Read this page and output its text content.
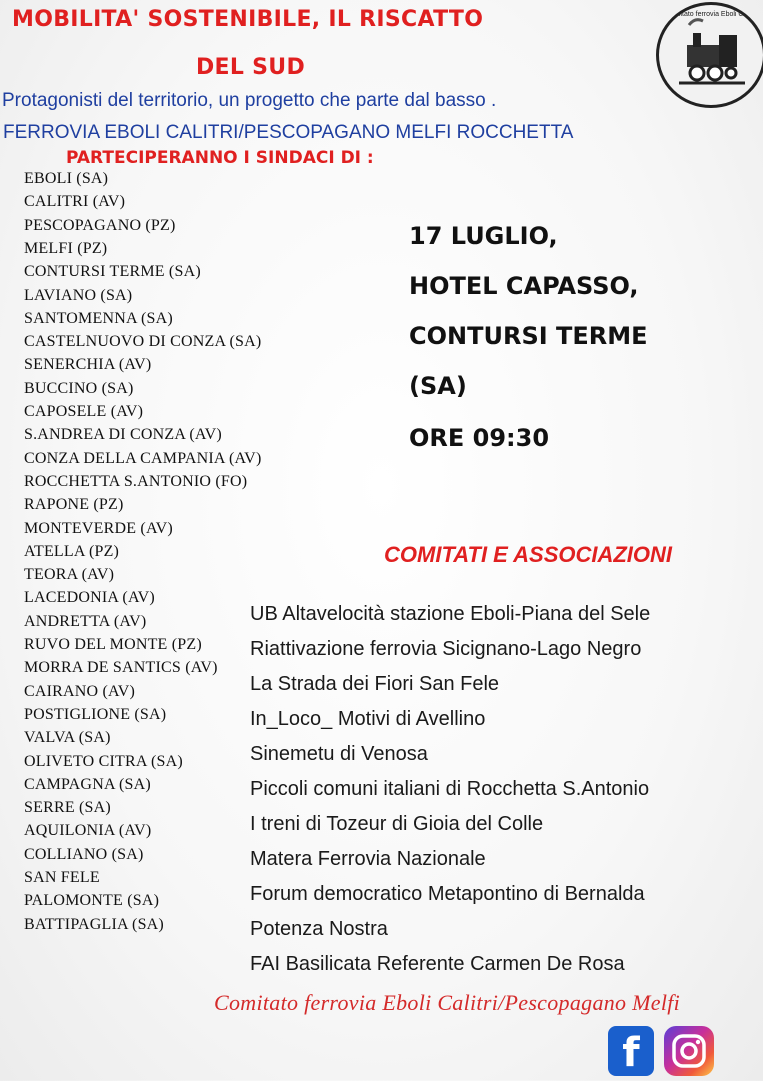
MOBILITA' SOSTENIBILE, IL RISCATTO
DEL SUD
Protagonisti del territorio, un progetto che parte dal basso .
FERROVIA EBOLI CALITRI/PESCOPAGANO MELFI ROCCHETTA
PARTECIPERANNO I SINDACI DI :
Comitato ferrovia Eboli Calitri
EBOLI (SA)
CALITRI (AV)
PESCOPAGANO (PZ)
MELFI (PZ)
CONTURSI TERME (SA)
LAVIANO (SA)
SANTOMENNA (SA)
CASTELNUOVO DI CONZA (SA)
SENERCHIA (AV)
BUCCINO (SA)
CAPOSELE (AV)
S.ANDREA DI CONZA (AV)
CONZA DELLA CAMPANIA (AV)
ROCCHETTA S.ANTONIO (FO)
RAPONE (PZ)
MONTEVERDE (AV)
ATELLA (PZ)
TEORA (AV)
LACEDONIA (AV)
ANDRETTA (AV)
RUVO DEL MONTE (PZ)
MORRA DE SANTICS (AV)
CAIRANO (AV)
POSTIGLIONE (SA)
VALVA (SA)
OLIVETO CITRA (SA)
CAMPAGNA (SA)
SERRE (SA)
AQUILONIA (AV)
COLLIANO (SA)
SAN FELE
PALOMONTE (SA)
BATTIPAGLIA (SA)
17 LUGLIO,
HOTEL CAPASSO,
CONTURSI TERME
(SA)
ORE 09:30
COMITATI E ASSOCIAZIONI
UB Altavelocità stazione Eboli-Piana del Sele
Riattivazione ferrovia Sicignano-Lago Negro
La Strada dei Fiori San Fele
In_Loco_ Motivi di Avellino
Sinemetu di Venosa
Piccoli comuni italiani di Rocchetta S.Antonio
I treni di Tozeur di Gioia del Colle
Matera Ferrovia Nazionale
Forum democratico Metapontino di Bernalda
Potenza Nostra
FAI Basilicata Referente Carmen De Rosa
Comitato ferrovia Eboli Calitri/Pescopagano Melfi
f
